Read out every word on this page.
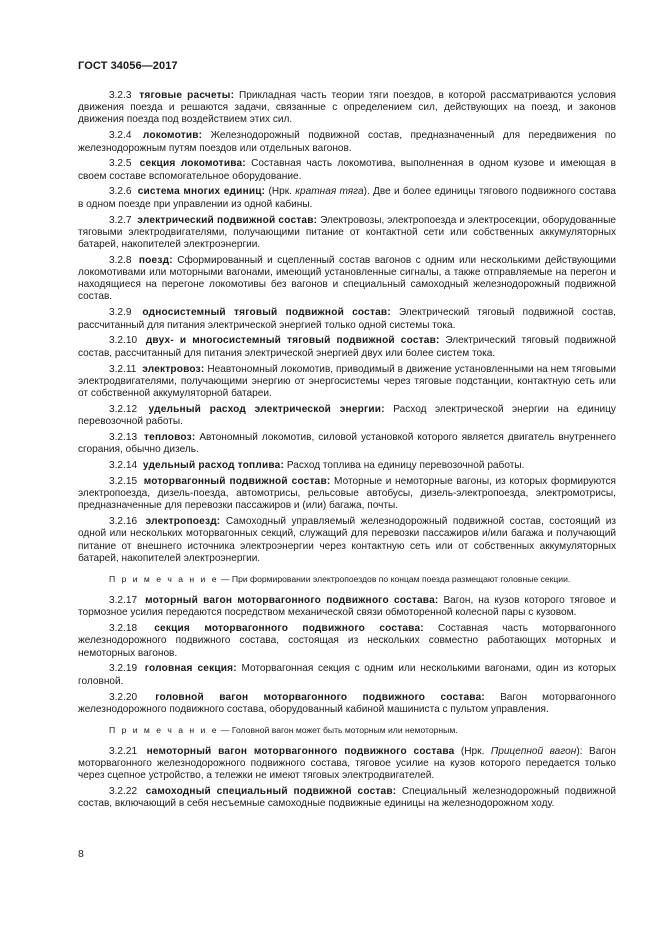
ГОСТ 34056—2017

3.2.3 тяговые расчеты: Прикладная часть теории тяги поездов, в которой рассматриваются условия движения поезда и решаются задачи, связанные с определением сил, действующих на поезд, и законов движения поезда под воздействием этих сил.

3.2.4 локомотив: Железнодорожный подвижной состав, предназначенный для передвижения по железнодорожным путям поездов или отдельных вагонов.

3.2.5 секция локомотива: Составная часть локомотива, выполненная в одном кузове и имеющая в своем составе вспомогательное оборудование.

3.2.6 система многих единиц: (Нрк. кратная тяга). Две и более единицы тягового подвижного состава в одном поезде при управлении из одной кабины.

3.2.7 электрический подвижной состав: Электровозы, электропоезда и электросекции, оборудованные тяговыми электродвигателями, получающими питание от контактной сети или собственных аккумуляторных батарей, накопителей электроэнергии.

3.2.8 поезд: Сформированный и сцепленный состав вагонов с одним или несколькими действующими локомотивами или моторными вагонами, имеющий установленные сигналы, а также отправляемые на перегон и находящиеся на перегоне локомотивы без вагонов и специальный самоходный железнодорожный подвижной состав.

3.2.9 односистемный тяговый подвижной состав: Электрический тяговый подвижной состав, рассчитанный для питания электрической энергией только одной системы тока.

3.2.10 двух- и многосистемный тяговый подвижной состав: Электрический тяговый подвижной состав, рассчитанный для питания электрической энергией двух или более систем тока.

3.2.11 электровоз: Неавтономный локомотив, приводимый в движение установленными на нем тяговыми электродвигателями, получающими энергию от энергосистемы через тяговые подстанции, контактную сеть или от собственной аккумуляторной батареи.

3.2.12 удельный расход электрической энергии: Расход электрической энергии на единицу перевозочной работы.

3.2.13 тепловоз: Автономный локомотив, силовой установкой которого является двигатель внутреннего сгорания, обычно дизель.

3.2.14 удельный расход топлива: Расход топлива на единицу перевозочной работы.

3.2.15 моторвагонный подвижной состав: Моторные и немоторные вагоны, из которых формируются электропоезда, дизель-поезда, автомотрисы, рельсовые автобусы, дизель-электропоезда, электромотрисы, предназначенные для перевозки пассажиров и (или) багажа, почты.

3.2.16 электропоезд: Самоходный управляемый железнодорожный подвижной состав, состоящий из одной или нескольких моторвагонных секций, служащий для перевозки пассажиров и/или багажа и получающий питание от внешнего источника электроэнергии через контактную сеть или от собственных аккумуляторных батарей, накопителей электроэнергии.

П р и м е ч а н и е — При формировании электропоездов по концам поезда размещают головные секции.

3.2.17 моторный вагон моторвагонного подвижного состава: Вагон, на кузов которого тяговое и тормозное усилия передаются посредством механической связи обмоторенной колесной пары с кузовом.

3.2.18 секция моторвагонного подвижного состава: Составная часть моторвагонного железнодорожного подвижного состава, состоящая из нескольких совместно работающих моторных и немоторных вагонов.

3.2.19 головная секция: Моторвагонная секция с одним или несколькими вагонами, один из которых головной.

3.2.20 головной вагон моторвагонного подвижного состава: Вагон моторвагонного железнодорожного подвижного состава, оборудованный кабиной машиниста с пультом управления.

П р и м е ч а н и е — Головной вагон может быть моторным или немоторным.

3.2.21 немоторный вагон моторвагонного подвижного состава (Нрк. Прицепной вагон): Вагон моторвагонного железнодорожного подвижного состава, тяговое усилие на кузов которого передается только через сцепное устройство, а тележки не имеют тяговых электродвигателей.

3.2.22 самоходный специальный подвижной состав: Специальный железнодорожный подвижной состав, включающий в себя несъемные самоходные подвижные единицы на железнодорожном ходу.

8
